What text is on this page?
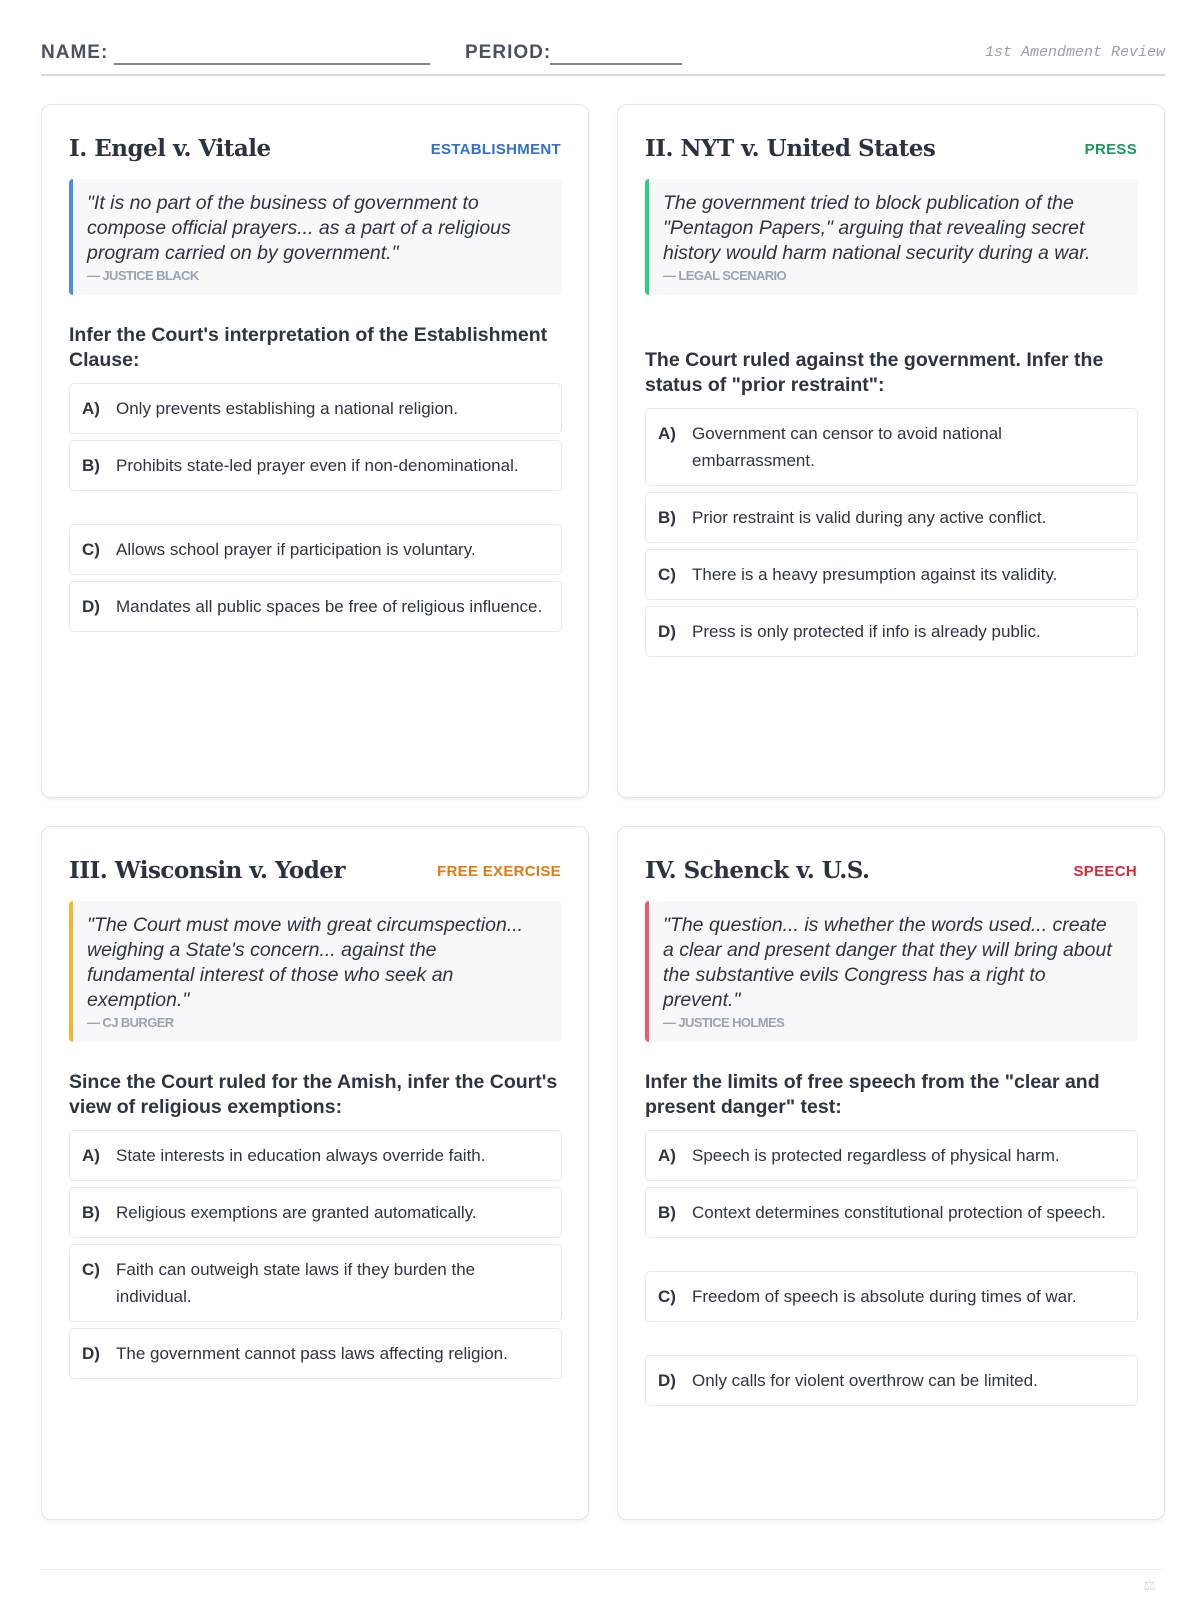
NAME:	PERIOD:	1st Amendment Review
I. Engel v. Vitale	ESTABLISHMENT
"It is no part of the business of government to compose official prayers... as a part of a religious program carried on by government."
— JUSTICE BLACK
Infer the Court's interpretation of the Establishment Clause:
A) Only prevents establishing a national religion.
B) Prohibits state-led prayer even if non-denominational.
C) Allows school prayer if participation is voluntary.
D) Mandates all public spaces be free of religious influence.
II. NYT v. United States	PRESS
The government tried to block publication of the "Pentagon Papers," arguing that revealing secret history would harm national security during a war.
— LEGAL SCENARIO
The Court ruled against the government. Infer the status of "prior restraint":
A) Government can censor to avoid national embarrassment.
B) Prior restraint is valid during any active conflict.
C) There is a heavy presumption against its validity.
D) Press is only protected if info is already public.
III. Wisconsin v. Yoder	FREE EXERCISE
"The Court must move with great circumspection... weighing a State's concern... against the fundamental interest of those who seek an exemption."
— CJ BURGER
Since the Court ruled for the Amish, infer the Court's view of religious exemptions:
A) State interests in education always override faith.
B) Religious exemptions are granted automatically.
C) Faith can outweigh state laws if they burden the individual.
D) The government cannot pass laws affecting religion.
IV. Schenck v. U.S.	SPEECH
"The question... is whether the words used... create a clear and present danger that they will bring about the substantive evils Congress has a right to prevent."
— JUSTICE HOLMES
Infer the limits of free speech from the "clear and present danger" test:
A) Speech is protected regardless of physical harm.
B) Context determines constitutional protection of speech.
C) Freedom of speech is absolute during times of war.
D) Only calls for violent overthrow can be limited.
⚖
